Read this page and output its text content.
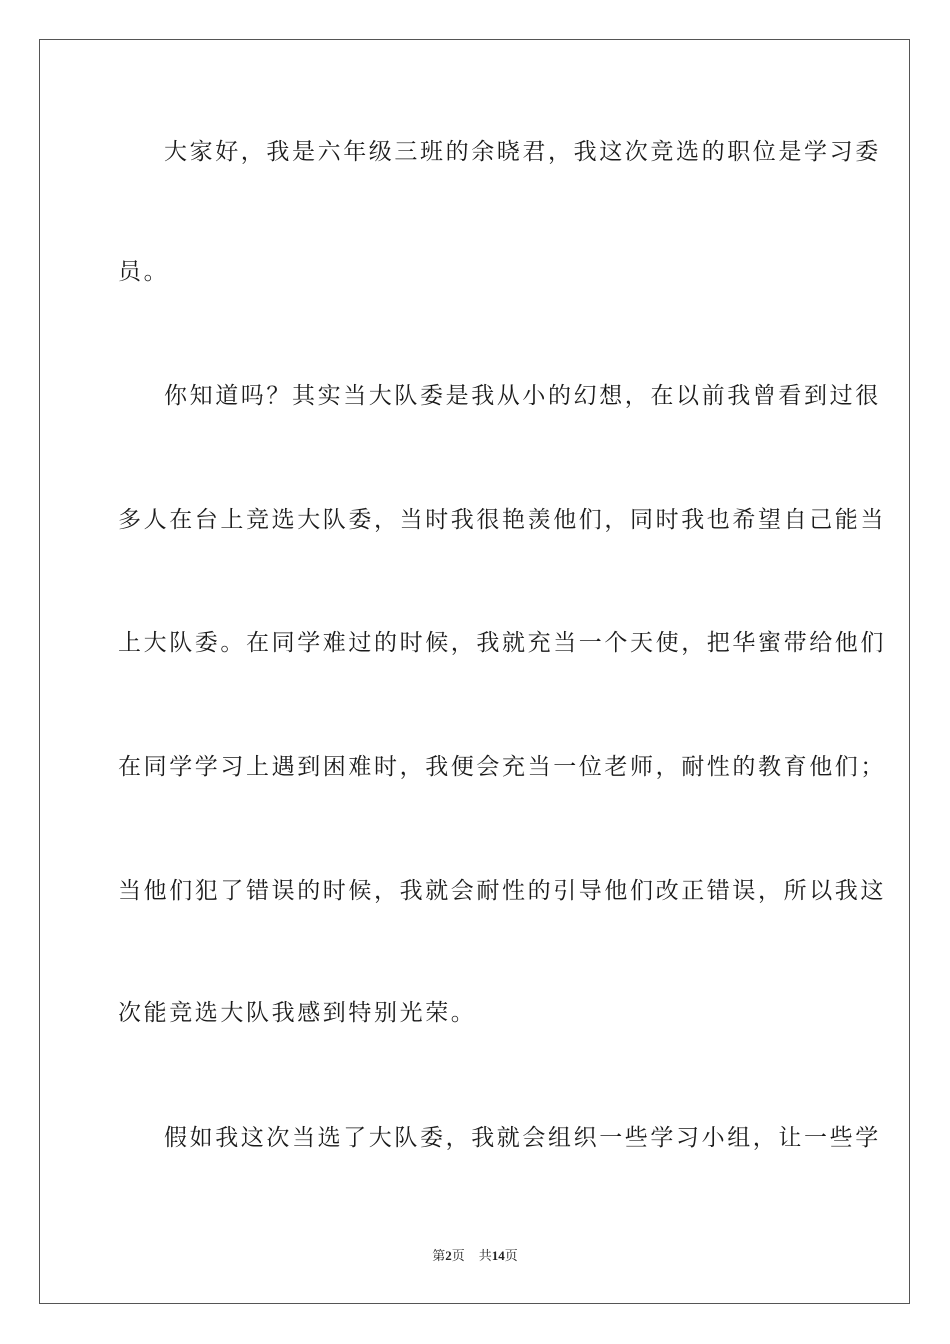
大家好，我是六年级三班的余晓君，我这次竞选的职位是学习委
员。
你知道吗？其实当大队委是我从小的幻想，在以前我曾看到过很
多人在台上竞选大队委，当时我很艳羡他们，同时我也希望自己能当
上大队委。在同学难过的时候，我就充当一个天使，把华蜜带给他们
在同学学习上遇到困难时，我便会充当一位老师，耐性的教育他们；
当他们犯了错误的时候，我就会耐性的引导他们改正错误，所以我这
次能竞选大队我感到特别光荣。
假如我这次当选了大队委，我就会组织一些学习小组，让一些学
第2页 共14页
